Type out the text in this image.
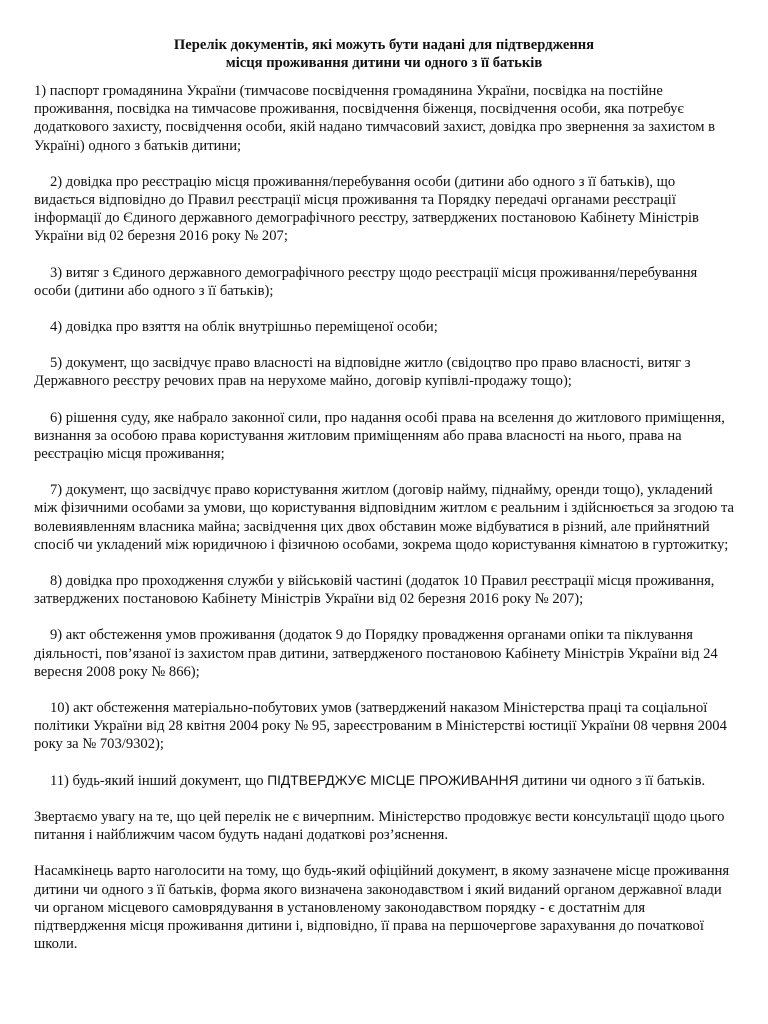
Перелік документів, які можуть бути надані для підтвердження
місця проживання дитини чи одного з її батьків
1) паспорт громадянина України (тимчасове посвідчення громадянина України, посвідка на постійне проживання, посвідка на тимчасове проживання, посвідчення біженця, посвідчення особи, яка потребує додаткового захисту, посвідчення особи, якій надано тимчасовий захист, довідка про звернення за захистом в Україні) одного з батьків дитини;
2) довідка про реєстрацію місця проживання/перебування особи (дитини або одного з її батьків), що видається відповідно до Правил реєстрації місця проживання та Порядку передачі органами реєстрації інформації до Єдиного державного демографічного реєстру, затверджених постановою Кабінету Міністрів України від 02 березня 2016 року № 207;
3) витяг з Єдиного державного демографічного реєстру щодо реєстрації місця проживання/перебування особи (дитини або одного з її батьків);
4) довідка про взяття на облік внутрішньо переміщеної особи;
5) документ, що засвідчує право власності на відповідне житло (свідоцтво про право власності, витяг з Державного реєстру речових прав на нерухоме майно, договір купівлі-продажу тощо);
6) рішення суду, яке набрало законної сили, про надання особі права на вселення до житлового приміщення, визнання за особою права користування житловим приміщенням або права власності на нього, права на реєстрацію місця проживання;
7) документ, що засвідчує право користування житлом (договір найму, піднайму, оренди тощо), укладений між фізичними особами за умови, що користування відповідним житлом є реальним і здійснюється за згодою та волевиявленням власника майна; засвідчення цих двох обставин може відбуватися в різний, але прийнятний спосіб чи укладений між юридичною і фізичною особами, зокрема щодо користування кімнатою в гуртожитку;
8) довідка про проходження служби у військовій частині (додаток 10 Правил реєстрації місця проживання, затверджених постановою Кабінету Міністрів України від 02 березня 2016 року № 207);
9) акт обстеження умов проживання (додаток 9 до Порядку провадження органами опіки та піклування діяльності, пов’язаної із захистом прав дитини, затвердженого постановою Кабінету Міністрів України від 24 вересня 2008 року № 866);
10) акт обстеження матеріально-побутових умов (затверджений наказом Міністерства праці та соціальної політики України від 28 квітня 2004 року № 95, зареєстрованим в Міністерстві юстиції України 08 червня 2004 року за № 703/9302);
11) будь-який інший документ, що ПІДТВЕРДЖУЄ МІСЦЕ ПРОЖИВАННЯ дитини чи одного з її батьків.
Звертаємо увагу на те, що цей перелік не є вичерпним. Міністерство продовжує вести консультації щодо цього питання і найближчим часом будуть надані додаткові роз’яснення.
Насамкінець варто наголосити на тому, що будь-який офіційний документ, в якому зазначене місце проживання дитини чи одного з її батьків, форма якого визначена законодавством і який виданий органом державної влади чи органом місцевого самоврядування в установленому законодавством порядку - є достатнім для підтвердження місця проживання дитини і, відповідно, її права на першочергове зарахування до початкової школи.
